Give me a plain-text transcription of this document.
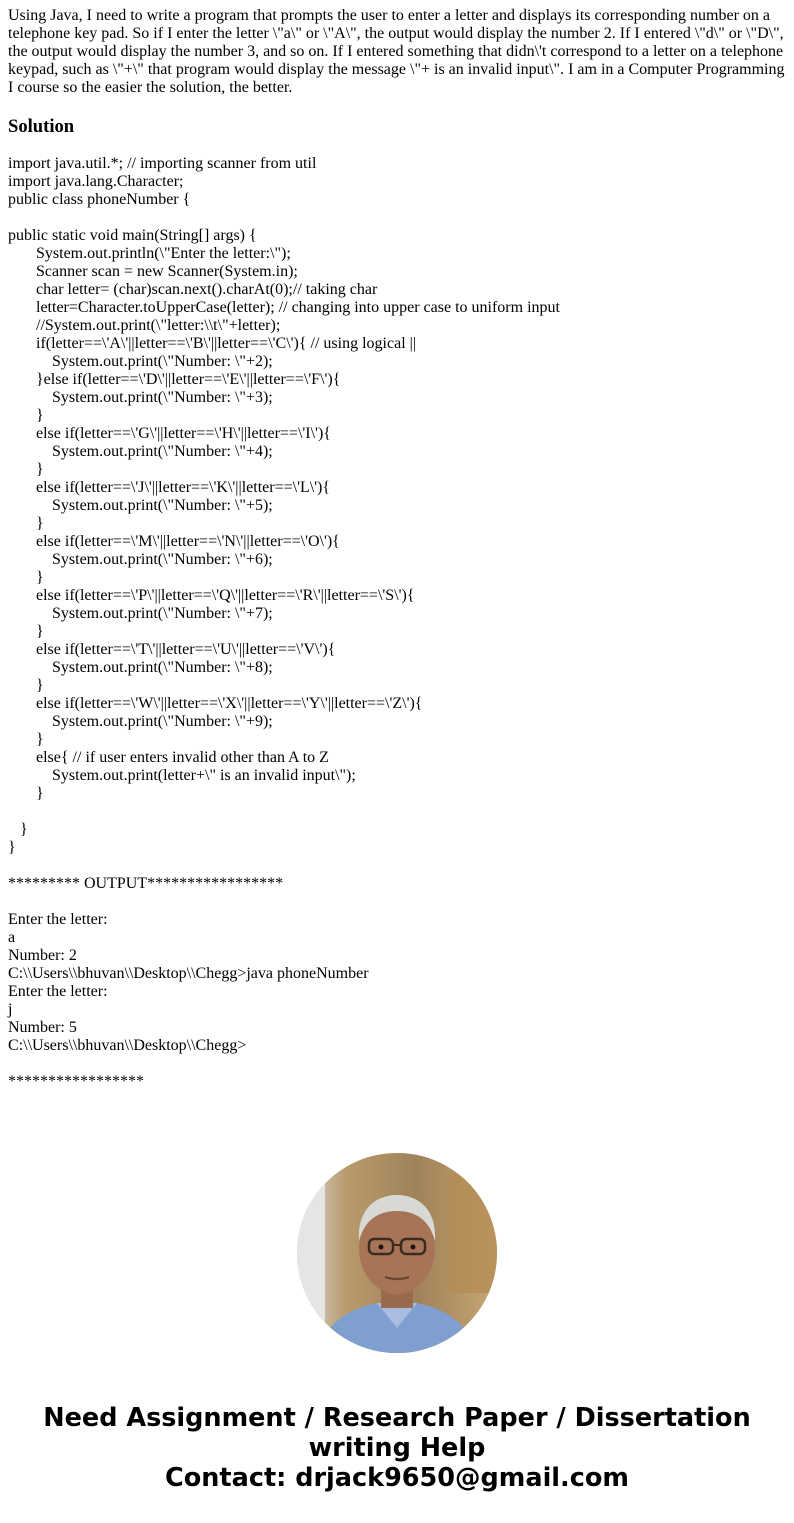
Using Java, I need to write a program that prompts the user to enter a letter and displays its corresponding number on a telephone key pad. So if I enter the letter \"a\" or \"A\", the output would display the number 2. If I entered \"d\" or \"D\", the output would display the number 3, and so on. If I entered something that didn\'t correspond to a letter on a telephone keypad, such as \"+\" that program would display the message \"+ is an invalid input\". I am in a Computer Programming I course so the easier the solution, the better.

Solution
import java.util.*; // importing scanner from util
import java.lang.Character;
public class phoneNumber {
public static void main(String[] args) {
System.out.println(\"Enter the letter:\");
Scanner scan = new Scanner(System.in);
char letter= (char)scan.next().charAt(0);// taking char
letter=Character.toUpperCase(letter); // changing into upper case to uniform input
//System.out.print(\"letter:\\t\"+letter);
if(letter==\'A\'||letter==\'B\'||letter==\'C\'){ // using logical ||
System.out.print(\"Number: \"+2);
}else if(letter==\'D\'||letter==\'E\'||letter==\'F\'){
System.out.print(\"Number: \"+3);
}
else if(letter==\'G\'||letter==\'H\'||letter==\'I\'){
System.out.print(\"Number: \"+4);
}
else if(letter==\'J\'||letter==\'K\'||letter==\'L\'){
System.out.print(\"Number: \"+5);
}
else if(letter==\'M\'||letter==\'N\'||letter==\'O\'){
System.out.print(\"Number: \"+6);
}
else if(letter==\'P\'||letter==\'Q\'||letter==\'R\'||letter==\'S\'){
System.out.print(\"Number: \"+7);
}
else if(letter==\'T\'||letter==\'U\'||letter==\'V\'){
System.out.print(\"Number: \"+8);
}
else if(letter==\'W\'||letter==\'X\'||letter==\'Y\'||letter==\'Z\'){
System.out.print(\"Number: \"+9);
}
else{ // if user enters invalid other than A to Z
System.out.print(letter+\" is an invalid input\");
}
}
}
********* OUTPUT*****************
Enter the letter:
a
Number: 2
C:\\Users\\bhuvan\\Desktop\\Chegg>java phoneNumber
Enter the letter:
j
Number: 5
C:\\Users\\bhuvan\\Desktop\\Chegg>
*****************
Need Assignment / Research Paper / Dissertation
writing Help
Contact: drjack9650@gmail.com
